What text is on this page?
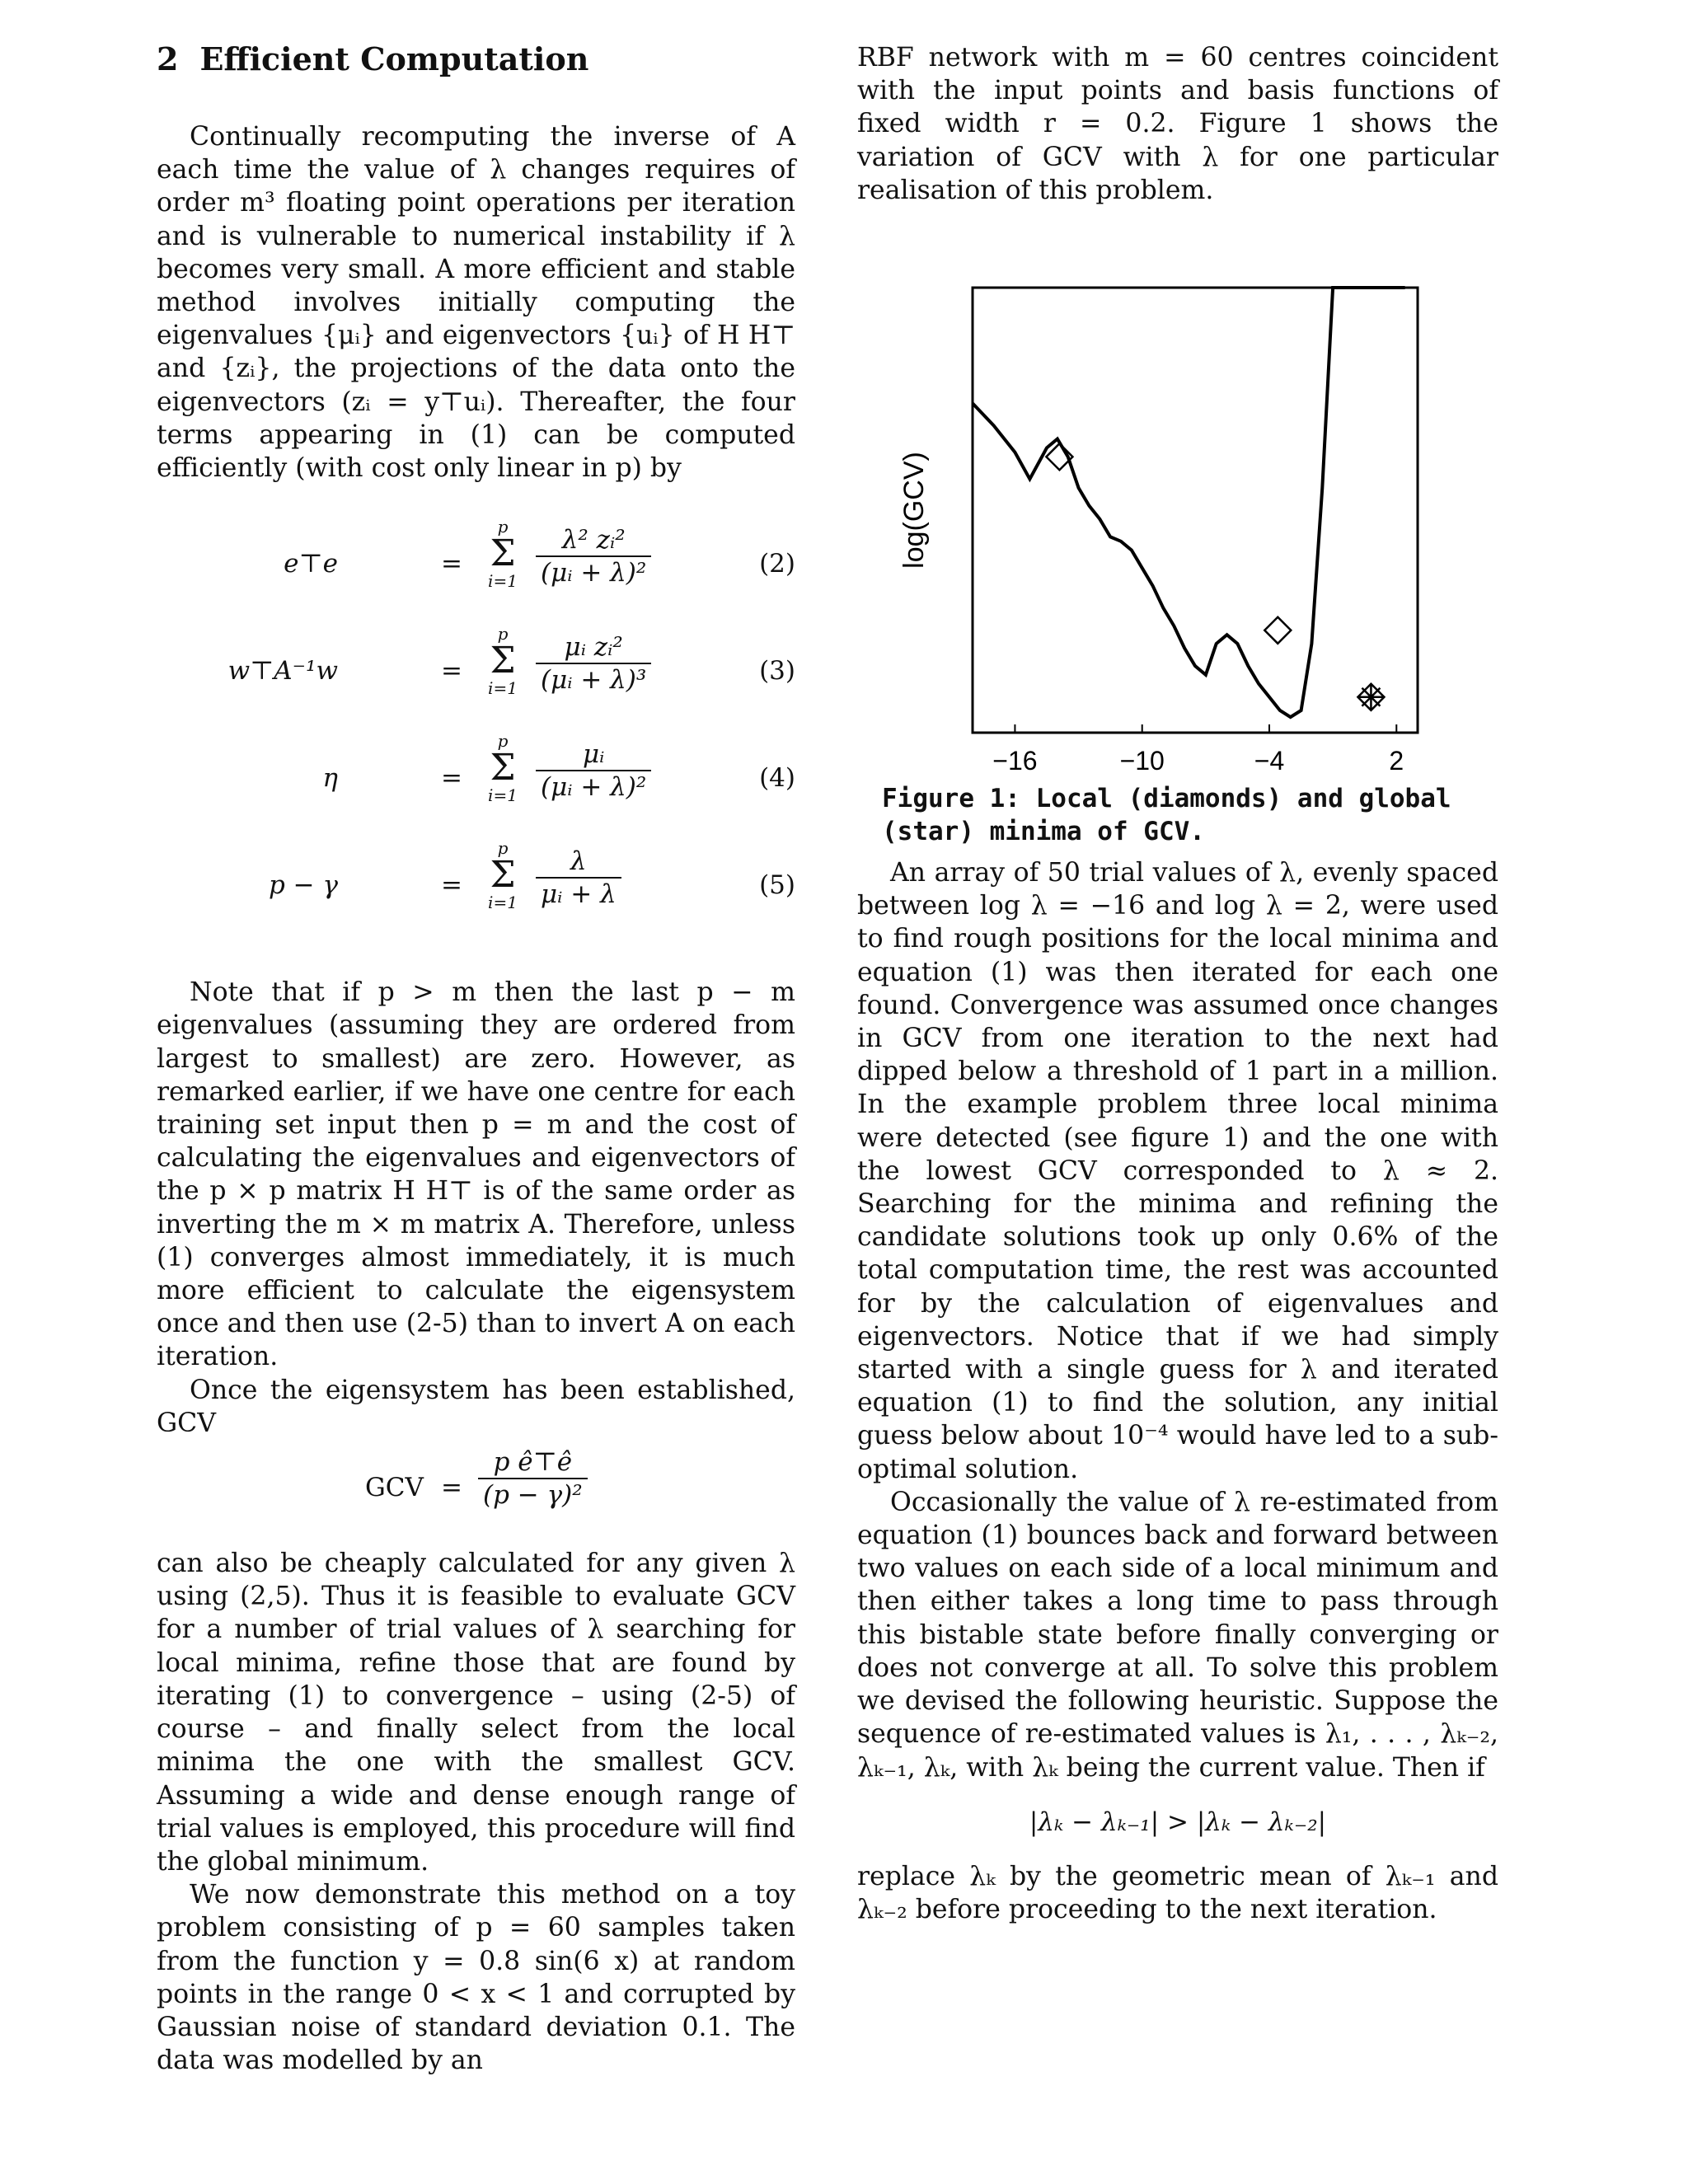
2 Efficient Computation

Continually recomputing the inverse of A each time the value of λ changes requires of order m³ floating point operations per iteration and is vulnerable to numerical instability if λ becomes very small. A more efficient and stable method involves initially computing the eigenvalues {μᵢ} and eigenvectors {uᵢ} of H H⊤ and {zᵢ}, the projections of the data onto the eigenvectors (zᵢ = y⊤uᵢ). Thereafter, the four terms appearing in (1) can be computed efficiently (with cost only linear in p) by

e⊤e	=
p
Σ
$i=1 \frac{\text{λ² zᵢ²}}{\text{(μᵢ + λ)²}}$	(2)
w⊤A⁻¹w	=
p
Σ
$i=1 \frac{\text{μᵢ zᵢ²}}{\text{(μᵢ + λ)³}}$	(3)
η	=
p
Σ
$i=1 \frac{\text{μᵢ}}{\text{(μᵢ + λ)²}}$	(4)
p − γ	=
p
Σ
$i=1 \frac{\lambda}{\text{μᵢ + λ}}$	(5)

Note that if p > m then the last p − m eigenvalues (assuming they are ordered from largest to smallest) are zero. However, as remarked earlier, if we have one centre for each training set input then p = m and the cost of calculating the eigenvalues and eigenvectors of the p × p matrix H H⊤ is of the same order as inverting the m × m matrix A. Therefore, unless (1) converges almost immediately, it is much more efficient to calculate the eigensystem once and then use (2-5) than to invert A on each iteration.

Once the eigensystem has been established, GCV

GCV = $\frac{\text{p ê⊤ê}}{\text{(p − γ)²}}$

can also be cheaply calculated for any given λ using (2,5). Thus it is feasible to evaluate GCV for a number of trial values of λ searching for local minima, refine those that are found by iterating (1) to convergence – using (2-5) of course – and finally select from the local minima the one with the smallest GCV. Assuming a wide and dense enough range of trial values is employed, this procedure will find the global minimum.

We now demonstrate this method on a toy problem consisting of p = 60 samples taken from the function y = 0.8 sin(6 x) at random points in the range 0 < x < 1 and corrupted by Gaussian noise of standard deviation 0.1. The data was modelled by an

RBF network with m = 60 centres coincident with the input points and basis functions of fixed width r = 0.2. Figure 1 shows the variation of GCV with λ for one particular realisation of this problem.

−16	−10	−4	2
log(GCV)
Figure 1: Local (diamonds) and global (star) minima of GCV.

An array of 50 trial values of λ, evenly spaced between log λ = −16 and log λ = 2, were used to find rough positions for the local minima and equation (1) was then iterated for each one found. Convergence was assumed once changes in GCV from one iteration to the next had dipped below a threshold of 1 part in a million. In the example problem three local minima were detected (see figure 1) and the one with the lowest GCV corresponded to λ ≈ 2. Searching for the minima and refining the candidate solutions took up only 0.6% of the total computation time, the rest was accounted for by the calculation of eigenvalues and eigenvectors. Notice that if we had simply started with a single guess for λ and iterated equation (1) to find the solution, any initial guess below about 10⁻⁴ would have led to a sub-optimal solution.

Occasionally the value of λ re-estimated from equation (1) bounces back and forward between two values on each side of a local minimum and then either takes a long time to pass through this bistable state before finally converging or does not converge at all. To solve this problem we devised the following heuristic. Suppose the sequence of re-estimated values is λ₁, . . . , λₖ₋₂, λₖ₋₁, λₖ, with λₖ being the current value. Then if

|λₖ − λₖ₋₁| > |λₖ − λₖ₋₂|

replace λₖ by the geometric mean of λₖ₋₁ and λₖ₋₂ before proceeding to the next iteration.
